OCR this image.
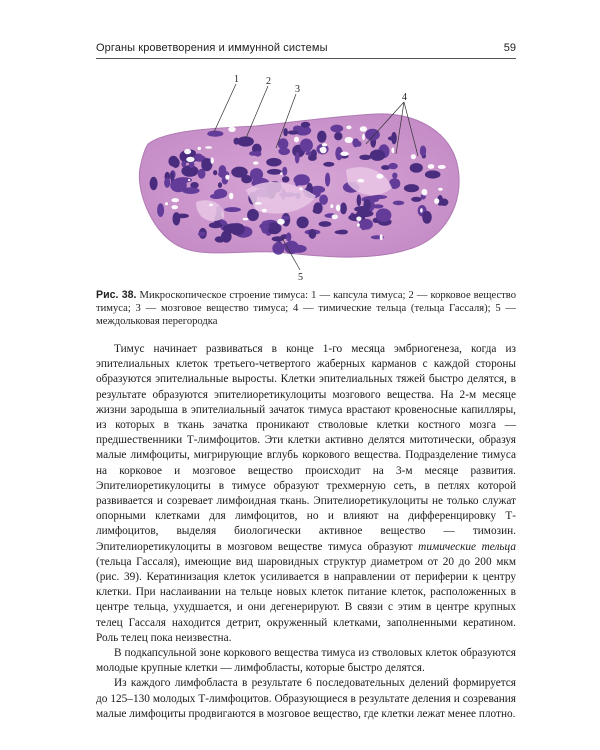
Органы кроветворения и иммунной системы	59
1	2
3
4
5
Рис. 38. Микроскопическое строение тимуса: 1 — капсула тимуса; 2 — корковое вещество тимуса; 3 — мозговое вещество тимуса; 4 — тимические тельца (тельца Гассаля); 5 — междольковая перегородка

Тимус начинает развиваться в конце 1-го месяца эмбриогенеза, когда из эпителиальных клеток третьего-четвертого жаберных карманов с каждой стороны образуются эпителиальные выросты. Клетки эпителиальных тяжей быстро делятся, в результате образуются эпителиоретикулоциты мозгового вещества. На 2-м месяце жизни зародыша в эпителиальный зачаток тимуса врастают кровеносные капилляры, из которых в ткань зачатка проникают стволовые клетки костного мозга — предшественники Т-лимфоцитов. Эти клетки активно делятся митотически, образуя малые лимфоциты, мигрирующие вглубь коркового вещества. Подразделение тимуса на корковое и мозговое вещество происходит на 3-м месяце развития. Эпителиоретикулоциты в тимусе образуют трехмерную сеть, в петлях которой развивается и созревает лимфоидная ткань. Эпителиоретикулоциты не только служат опорными клетками для лимфоцитов, но и влияют на дифференцировку Т-лимфоцитов, выделяя биологически активное вещество — тимозин. Эпителиоретикулоциты в мозговом веществе тимуса образуют тимические тельца (тельца Гассаля), имеющие вид шаровидных структур диаметром от 20 до 200 мкм (рис. 39). Кератинизация клеток усиливается в направлении от периферии к центру клетки. При наслаивании на тельце новых клеток питание клеток, расположенных в центре тельца, ухудшается, и они дегенерируют. В связи с этим в центре крупных телец Гассаля находится детрит, окруженный клетками, заполненными кератином. Роль телец пока неизвестна.

В подкапсульной зоне коркового вещества тимуса из стволовых клеток образуются молодые крупные клетки — лимфобласты, которые быстро делятся.

Из каждого лимфобласта в результате 6 последовательных делений формируется до 125–130 молодых Т-лимфоцитов. Образующиеся в результате деления и созревания малые лимфоциты продвигаются в мозговое вещество, где клетки лежат менее плотно.
